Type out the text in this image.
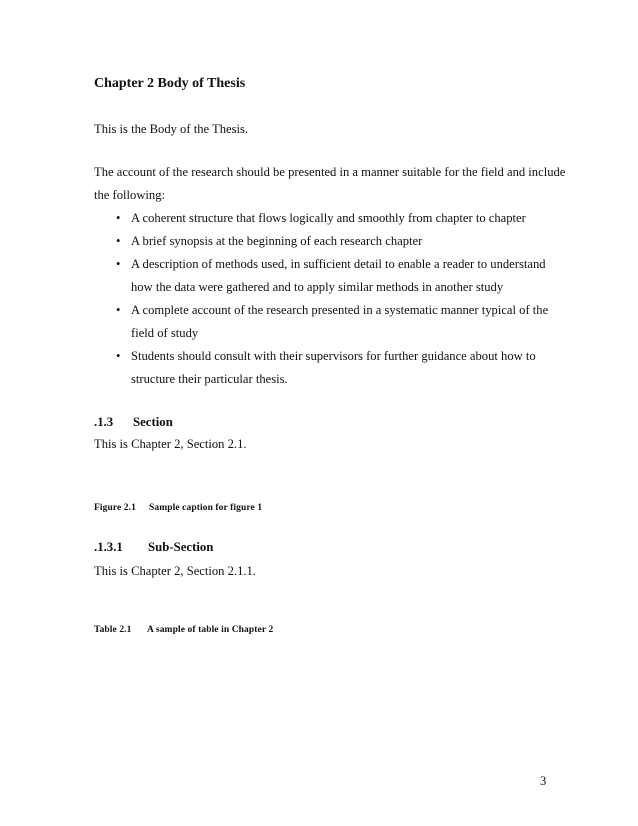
Chapter 2 Body of Thesis
This is the Body of the Thesis.
The account of the research should be presented in a manner suitable for the field and include
the following:
• A coherent structure that flows logically and smoothly from chapter to chapter
• A brief synopsis at the beginning of each research chapter
• A description of methods used, in sufficient detail to enable a reader to understand
how the data were gathered and to apply similar methods in another study
• A complete account of the research presented in a systematic manner typical of the
field of study
• Students should consult with their supervisors for further guidance about how to
structure their particular thesis.
.1.3 Section
This is Chapter 2, Section 2.1.
Figure 2.1 Sample caption for figure 1
.1.3.1 Sub-Section
This is Chapter 2, Section 2.1.1.
Table 2.1 A sample of table in Chapter 2
3
